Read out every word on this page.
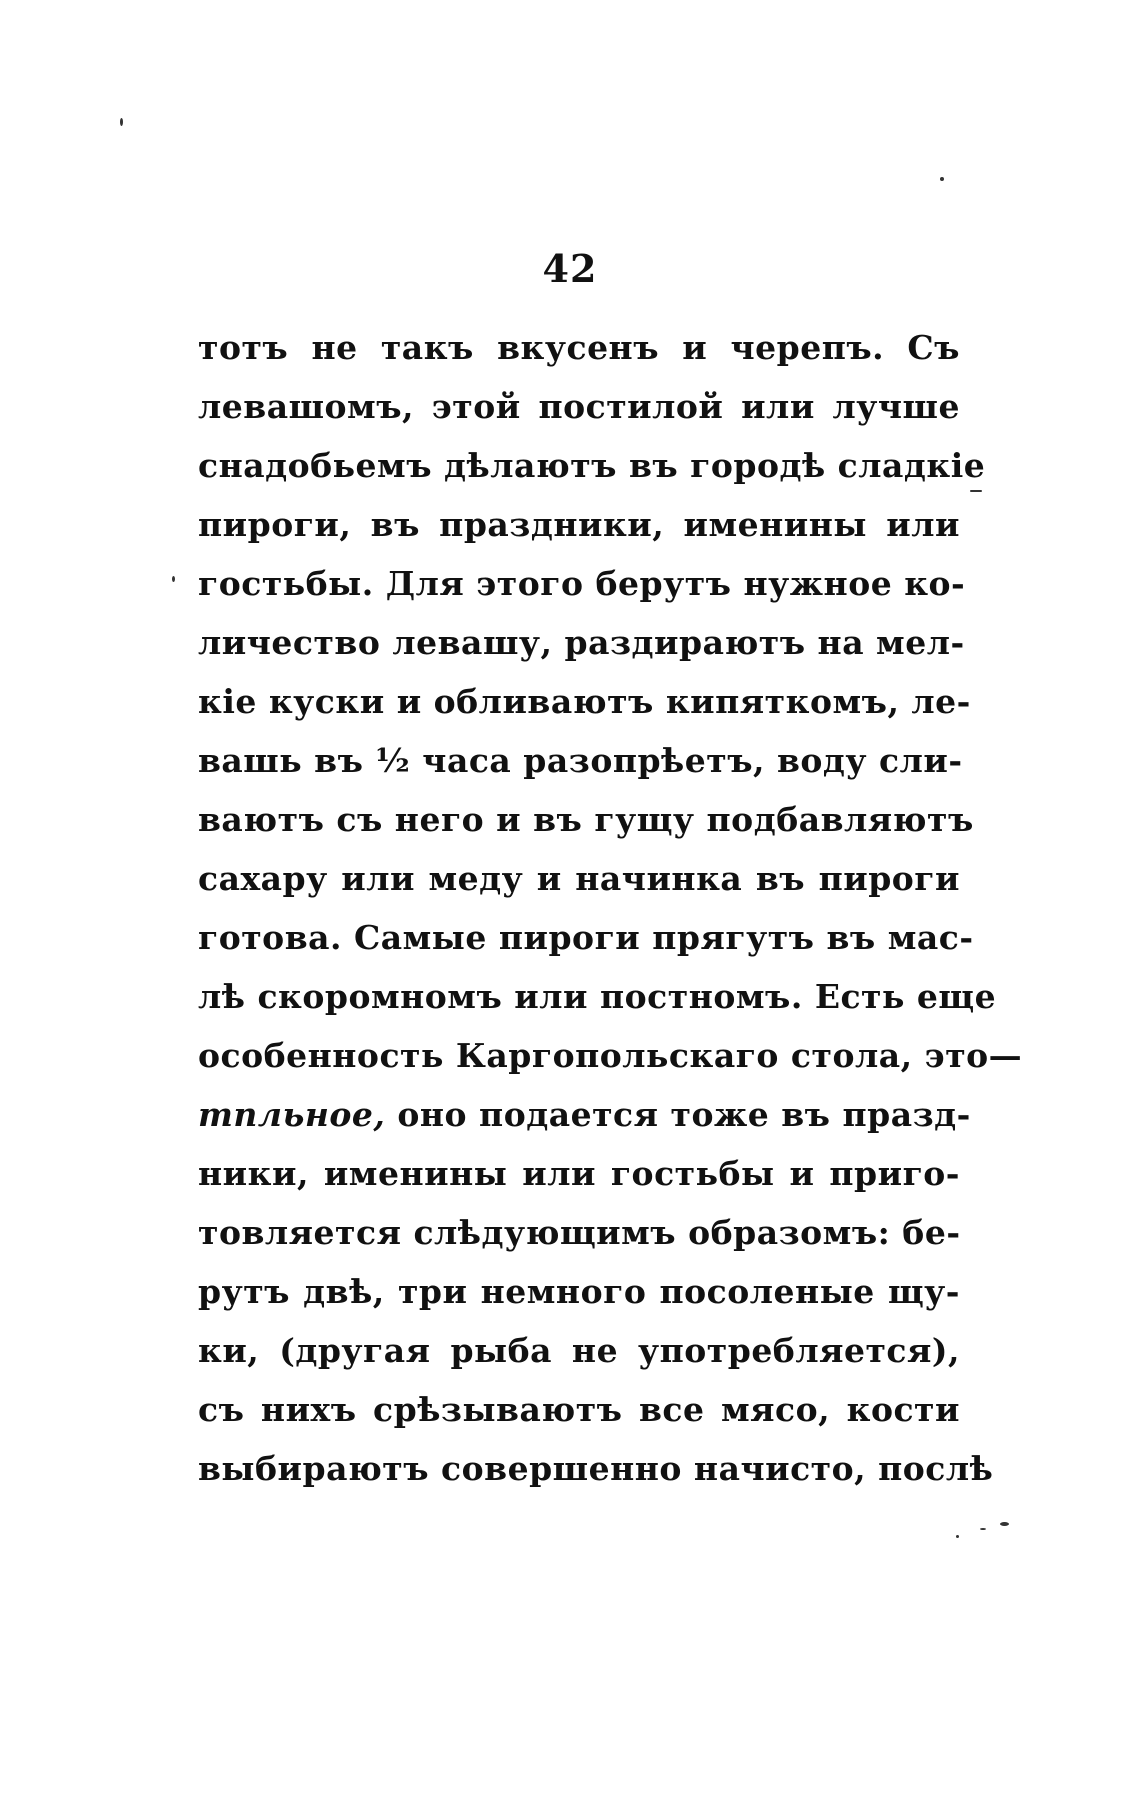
42
тотъ не такъ вкусенъ и черепъ. Съ
левашомъ, этой постилой или лучше
снадобьемъ дѣлаютъ въ городѣ сладкіе
пироги, въ праздники, именины или
гостьбы. Для этого берутъ нужное ко-
личество левашу, раздираютъ на мел-
кіе куски и обливаютъ кипяткомъ, ле-
вашь въ ½ часа разопрѣетъ, воду сли-
ваютъ съ него и въ гущу подбавляютъ
сахару или меду и начинка въ пироги
готова. Самые пироги прягутъ въ мас-
лѣ скоромномъ или постномъ. Есть еще
особенность Каргопольскаго стола, это—
тпльное, оно подается тоже въ празд-
ники, именины или гостьбы и приго-
товляется слѣдующимъ образомъ: бе-
рутъ двѣ, три немного посоленые щу-
ки, (другая рыба не употребляется),
съ нихъ срѣзываютъ все мясо, кости
выбираютъ совершенно начисто, послѣ
